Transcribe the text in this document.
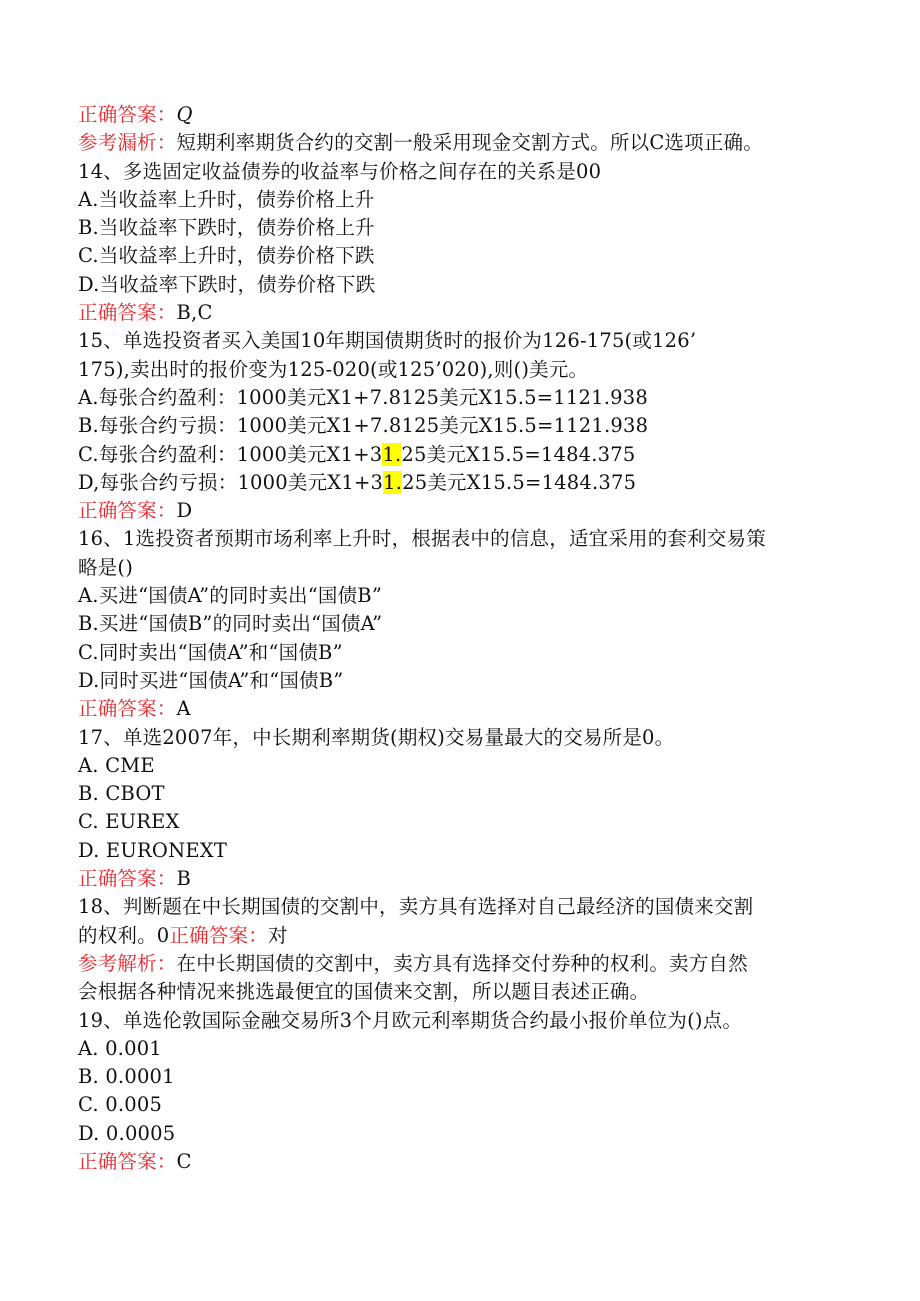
正确答案：Q
参考漏析：短期利率期货合约的交割一般采用现金交割方式。所以C选项正确。
14、多选固定收益债券的收益率与价格之间存在的关系是00
A.当收益率上升时，债券价格上升
B.当收益率下跌时，债券价格上升
C.当收益率上升时，债券价格下跌
D.当收益率下跌时，债券价格下跌
正确答案：B,C
15、单选投资者买入美国10年期国债期货时的报价为126-175(或126’
175),卖出时的报价变为125-020(或125’020),则()美元。
A.每张合约盈利：1000美元X1+7.8125美元X15.5=1121.938
B.每张合约亏损：1000美元X1+7.8125美元X15.5=1121.938
C.每张合约盈利：1000美元X1+31.25美元X15.5=1484.375
D,每张合约亏损：1000美元X1+31.25美元X15.5=1484.375
正确答案：D
16、1选投资者预期市场利率上升时，根据表中的信息，适宜采用的套利交易策
略是()
A.买进“国债A”的同时卖出“国债B”
B.买进“国债B”的同时卖出“国债A”
C.同时卖出“国债A”和“国债B”
D.同时买进“国债A”和“国债B”
正确答案：A
17、单选2007年，中长期利率期货(期权)交易量最大的交易所是0。
A. CME
B. CBOT
C. EUREX
D. EURONEXT
正确答案：B
18、判断题在中长期国债的交割中，卖方具有选择对自己最经济的国债来交割
的权利。0正确答案：对
参考解析：在中长期国债的交割中，卖方具有选择交付券种的权利。卖方自然
会根据各种情况来挑选最便宜的国债来交割，所以题目表述正确。
19、单选伦敦国际金融交易所3个月欧元利率期货合约最小报价单位为()点。
A. 0.001
B. 0.0001
C. 0.005
D. 0.0005
正确答案：C
